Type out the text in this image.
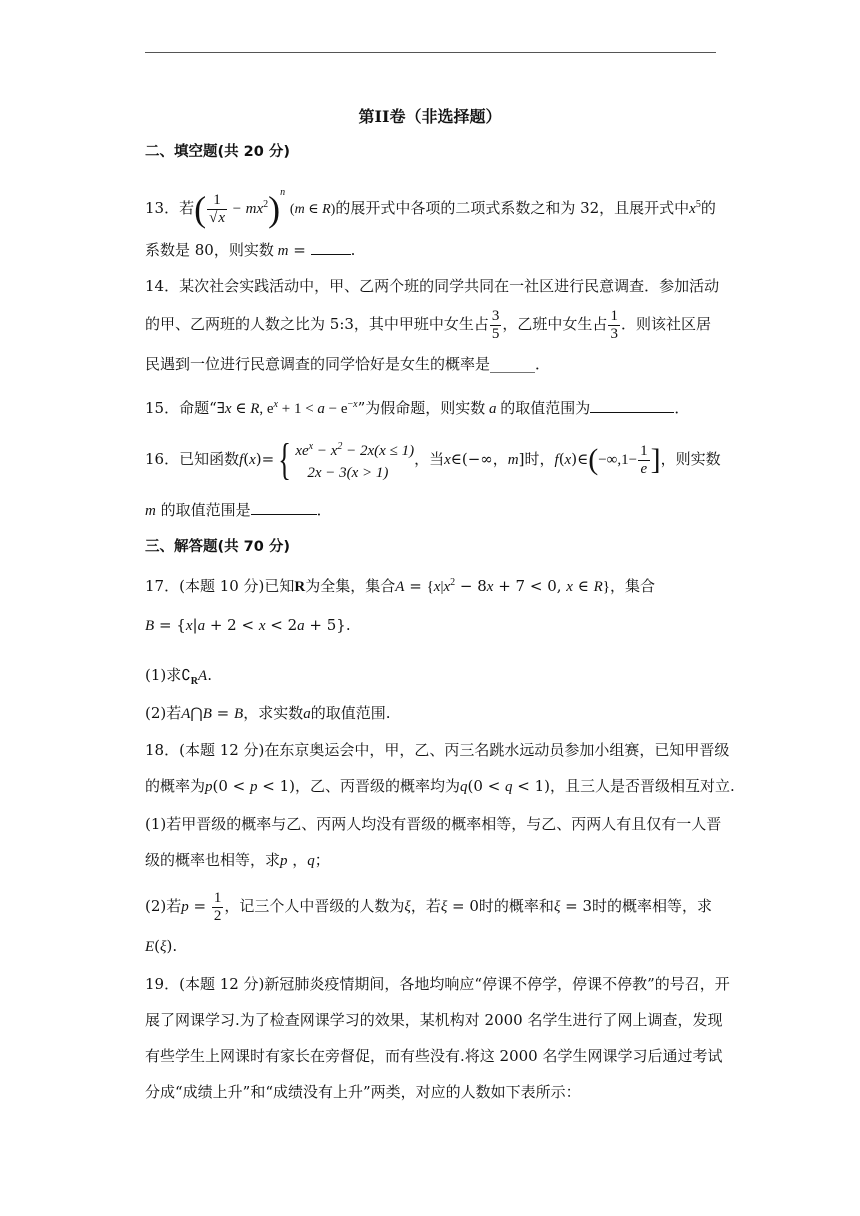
第II卷（非选择题）
二、填空题(共 20 分)
13．若( $\frac{1}{√x} - mx^2)^n$ (m ∈ R)的展开式中各项的二项式系数之和为 32，且展开式中$x^5$的
系数是 80，则实数 m =	.
14．某次社会实践活动中，甲、乙两个班的同学共同在一社区进行民意调查．参加活动
的甲、乙两班的人数之比为 5:3，其中甲班中女生占 $\frac{3}{5}$ ，乙班中女生占 $\frac{1}{3}$ ．则该社区居
民遇到一位进行民意调查的同学恰好是女生的概率是______．
15．命题“∃x ∈ R, $e^x + 1 < a - e^{-x}$”为假命题，则实数 a 的取值范围为	．
16．已知函数f(x)={ $xe^x - x^2 - 2x(x \le 1)$
2x − 3(x > 1)
，当x∈(−∞，m]时，f(x)∈(−∞,1− $\frac{1}{e}$ ]，则实数
m 的取值范围是	．
三、解答题(共 70 分)
17．(本题 10 分)已知R为全集，集合$A = \{x|x^2 - 8x + 7 < 0$, x ∈ R}，集合
B = {x|a + 2 < x < 2a + 5}.
(1)求$∁_RA$.
(2)若A⋂B = B，求实数a的取值范围.
18．(本题 12 分)在东京奥运会中，甲，乙、丙三名跳水远动员参加小组赛，已知甲晋级
的概率为p(0 < p < 1)，乙、丙晋级的概率均为q(0 < q < 1)，且三人是否晋级相互对立.
(1)若甲晋级的概率与乙、丙两人均没有晋级的概率相等，与乙、丙两人有且仅有一人晋
级的概率也相等，求p ，q；
(2)若$p = \frac{1}{2}$ ，记三个人中晋级的人数为ξ，若ξ = 0时的概率和ξ = 3时的概率相等，求
E(ξ).
19．(本题 12 分)新冠肺炎疫情期间，各地均响应“停课不停学，停课不停教”的号召，开
展了网课学习.为了检查网课学习的效果，某机构对 2000 名学生进行了网上调查，发现
有些学生上网课时有家长在旁督促，而有些没有.将这 2000 名学生网课学习后通过考试
分成“成绩上升”和“成绩没有上升”两类，对应的人数如下表所示：
